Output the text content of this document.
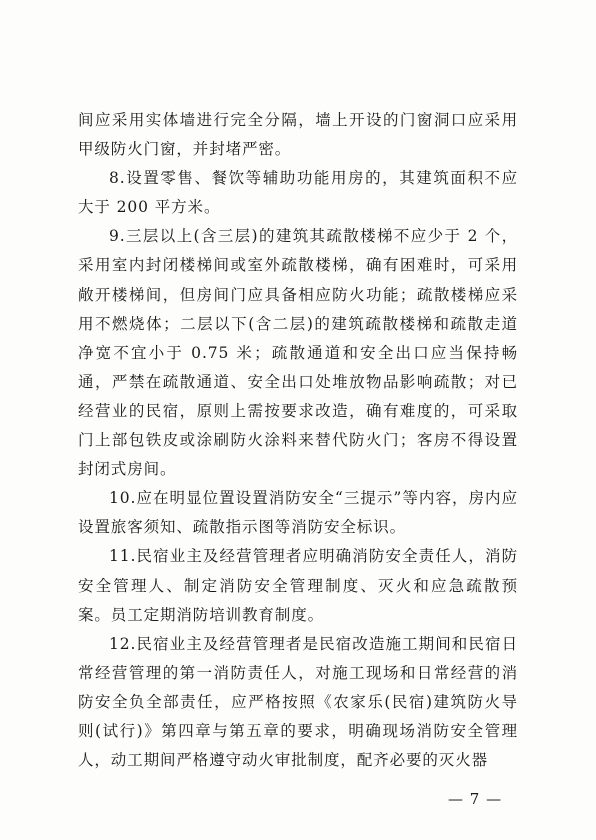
间应采用实体墙进行完全分隔，墙上开设的门窗洞口应采用甲级防火门窗，并封堵严密。

8.设置零售、餐饮等辅助功能用房的，其建筑面积不应大于 200 平方米。

9.三层以上(含三层)的建筑其疏散楼梯不应少于 2 个，采用室内封闭楼梯间或室外疏散楼梯，确有困难时，可采用敞开楼梯间，但房间门应具备相应防火功能；疏散楼梯应采用不燃烧体；二层以下(含二层)的建筑疏散楼梯和疏散走道净宽不宜小于 0.75 米；疏散通道和安全出口应当保持畅通，严禁在疏散通道、安全出口处堆放物品影响疏散；对已经营业的民宿，原则上需按要求改造，确有难度的，可采取门上部包铁皮或涂刷防火涂料来替代防火门；客房不得设置封闭式房间。

10.应在明显位置设置消防安全“三提示”等内容，房内应设置旅客须知、疏散指示图等消防安全标识。

11.民宿业主及经营管理者应明确消防安全责任人，消防安全管理人、制定消防安全管理制度、灭火和应急疏散预案。员工定期消防培训教育制度。

12.民宿业主及经营管理者是民宿改造施工期间和民宿日常经营管理的第一消防责任人，对施工现场和日常经营的消防安全负全部责任，应严格按照《农家乐(民宿)建筑防火导则(试行)》第四章与第五章的要求，明确现场消防安全管理人，动工期间严格遵守动火审批制度，配齐必要的灭火器

— 7 —
